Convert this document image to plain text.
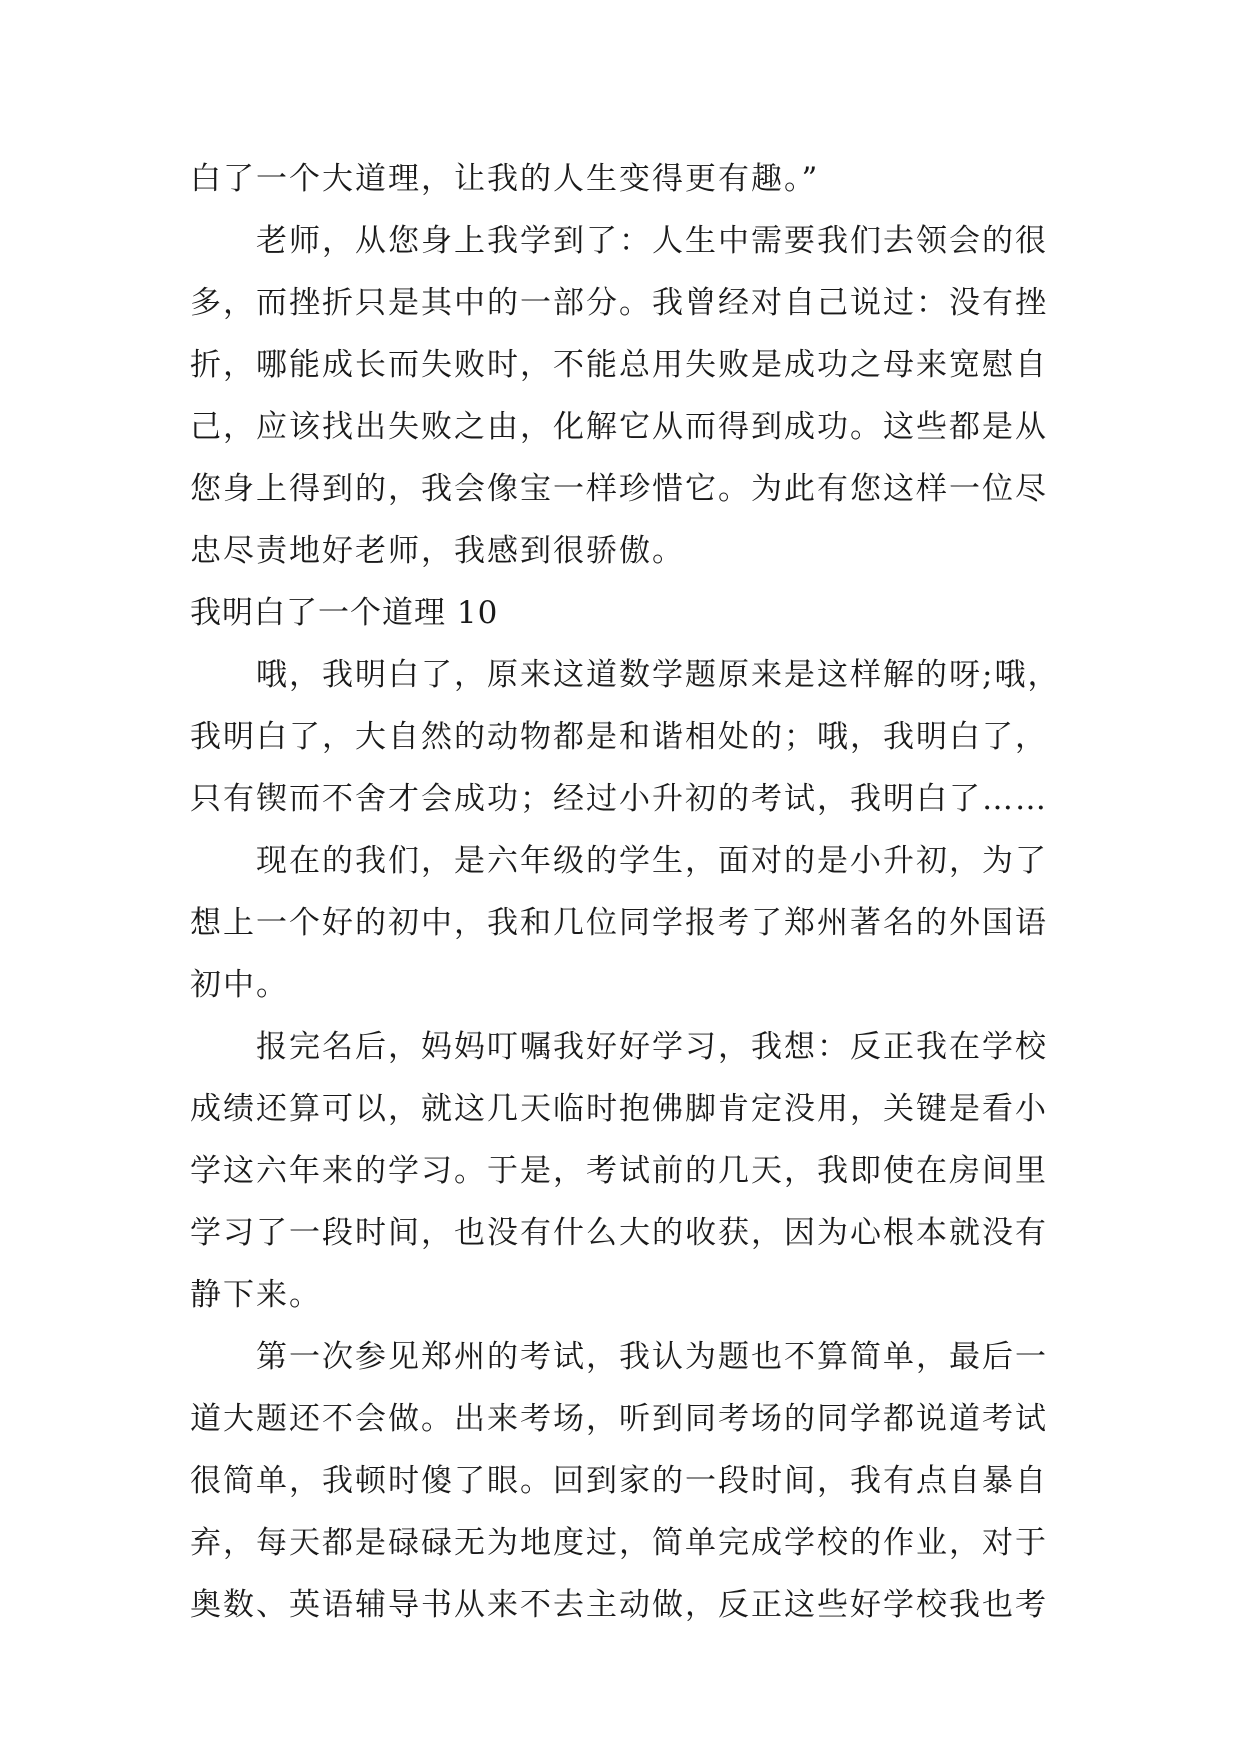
白了一个大道理，让我的人生变得更有趣。”

老师，从您身上我学到了：人生中需要我们去领会的很多，而挫折只是其中的一部分。我曾经对自己说过：没有挫折，哪能成长而失败时，不能总用失败是成功之母来宽慰自己，应该找出失败之由，化解它从而得到成功。这些都是从您身上得到的，我会像宝一样珍惜它。为此有您这样一位尽忠尽责地好老师，我感到很骄傲。

我明白了一个道理 10

哦，我明白了，原来这道数学题原来是这样解的呀;哦，我明白了，大自然的动物都是和谐相处的；哦，我明白了，只有锲而不舍才会成功；经过小升初的考试，我明白了……

现在的我们，是六年级的学生，面对的是小升初，为了想上一个好的初中，我和几位同学报考了郑州著名的外国语初中。

报完名后，妈妈叮嘱我好好学习，我想：反正我在学校成绩还算可以，就这几天临时抱佛脚肯定没用，关键是看小学这六年来的学习。于是，考试前的几天，我即使在房间里学习了一段时间，也没有什么大的收获，因为心根本就没有静下来。

第一次参见郑州的考试，我认为题也不算简单，最后一道大题还不会做。出来考场，听到同考场的同学都说道考试很简单，我顿时傻了眼。回到家的一段时间，我有点自暴自弃，每天都是碌碌无为地度过，简单完成学校的作业，对于奥数、英语辅导书从来不去主动做，反正这些好学校我也考
